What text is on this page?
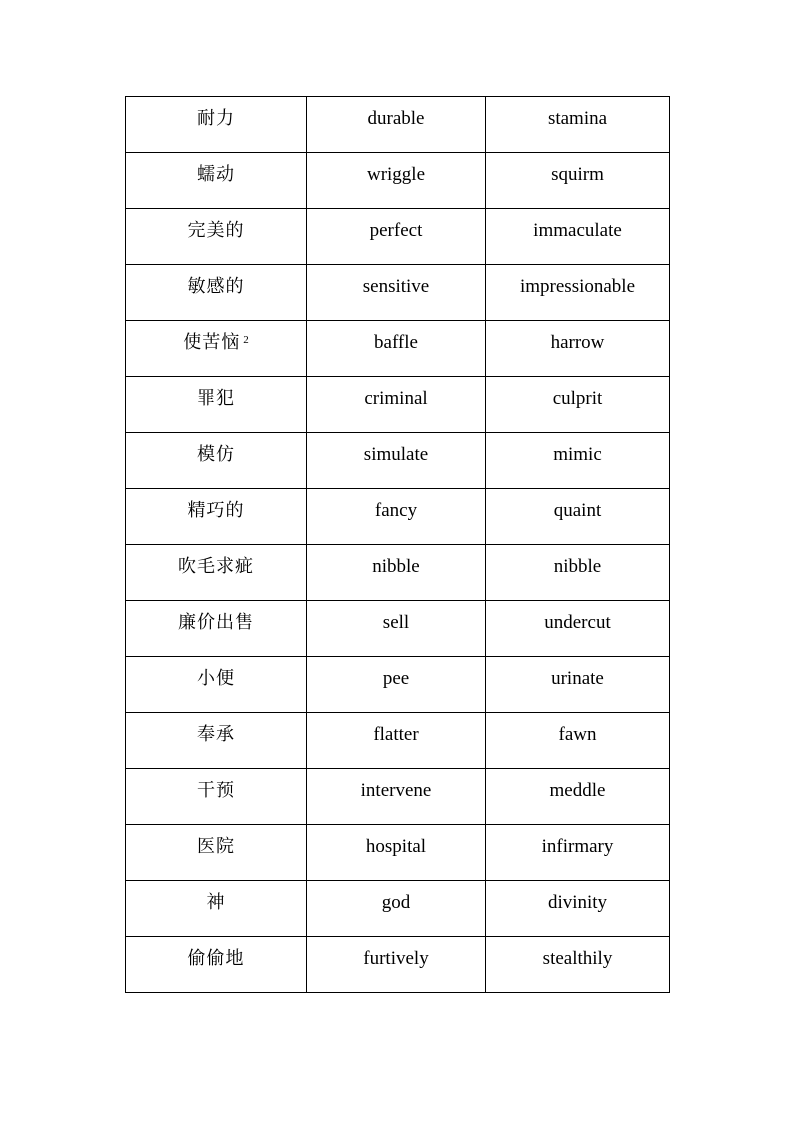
耐力	durable	stamina
蠕动	wriggle	squirm
完美的	perfect	immaculate
敏感的	sensitive	impressionable
使苦恼 $^2$	baffle	harrow
罪犯	criminal	culprit
模仿	simulate	mimic
精巧的	fancy	quaint
吹毛求疵	nibble	nibble
廉价出售	sell	undercut
小便	pee	urinate
奉承	flatter	fawn
干预	intervene	meddle
医院	hospital	infirmary
神	god	divinity
偷偷地	furtively	stealthily
